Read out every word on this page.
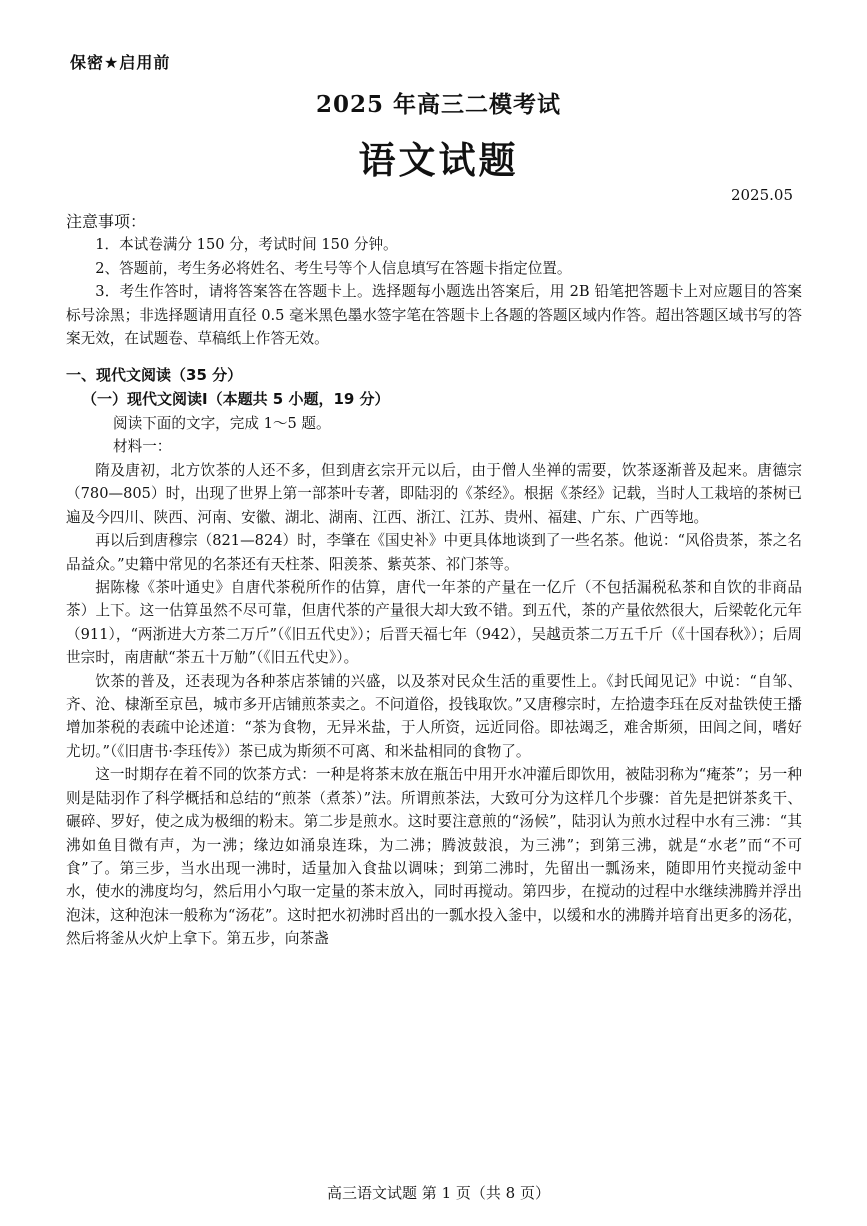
保密★启用前
2025 年高三二模考试
语文试题
2025.05
注意事项：

1．本试卷满分 150 分，考试时间 150 分钟。

2、答题前，考生务必将姓名、考生号等个人信息填写在答题卡指定位置。

3．考生作答时，请将答案答在答题卡上。选择题每小题选出答案后，用 2B 铅笔把答题卡上对应题目的答案标号涂黑；非选择题请用直径 0.5 毫米黑色墨水签字笔在答题卡上各题的答题区域内作答。超出答题区域书写的答案无效，在试题卷、草稿纸上作答无效。

一、现代文阅读（35 分）
（一）现代文阅读Ⅰ（本题共 5 小题，19 分）
阅读下面的文字，完成 1～5 题。
材料一：

隋及唐初，北方饮茶的人还不多，但到唐玄宗开元以后，由于僧人坐禅的需要，饮茶逐渐普及起来。唐德宗（780—805）时，出现了世界上第一部茶叶专著，即陆羽的《茶经》。根据《茶经》记载，当时人工栽培的茶树已遍及今四川、陕西、河南、安徽、湖北、湖南、江西、浙江、江苏、贵州、福建、广东、广西等地。

再以后到唐穆宗（821—824）时，李肇在《国史补》中更具体地谈到了一些名茶。他说：“风俗贵茶，茶之名品益众。”史籍中常见的名茶还有天柱茶、阳羡茶、紫英茶、祁门茶等。

据陈椽《茶叶通史》自唐代茶税所作的估算，唐代一年茶的产量在一亿斤（不包括漏税私茶和自饮的非商品茶）上下。这一估算虽然不尽可靠，但唐代茶的产量很大却大致不错。到五代，茶的产量依然很大，后梁乾化元年（911），“两浙进大方茶二万斤”（《旧五代史》）；后晋天福七年（942），吴越贡茶二万五千斤（《十国春秋》）；后周世宗时，南唐献“茶五十万觔”（《旧五代史》）。

饮茶的普及，还表现为各种茶店茶铺的兴盛，以及茶对民众生活的重要性上。《封氏闻见记》中说：“自邹、齐、沧、棣渐至京邑，城市多开店铺煎茶卖之。不问道俗，投钱取饮。”又唐穆宗时，左拾遗李珏在反对盐铁使王播增加茶税的表疏中论述道：“茶为食物，无异米盐，于人所资，远近同俗。即祛竭乏，难舍斯须，田闾之间，嗜好尤切。”（《旧唐书·李珏传》）茶已成为斯须不可离、和米盐相同的食物了。

这一时期存在着不同的饮茶方式：一种是将茶末放在瓶缶中用开水冲灌后即饮用，被陆羽称为“痷茶”；另一种则是陆羽作了科学概括和总结的“煎茶（煮茶）”法。所谓煎茶法，大致可分为这样几个步骤：首先是把饼茶炙干、碾碎、罗好，使之成为极细的粉末。第二步是煎水。这时要注意煎的“汤候”，陆羽认为煎水过程中水有三沸：“其沸如鱼目微有声，为一沸；缘边如涌泉连珠，为二沸；腾波鼓浪，为三沸”；到第三沸，就是“水老”而“不可食”了。第三步，当水出现一沸时，适量加入食盐以调味；到第二沸时，先留出一瓢汤来，随即用竹夹搅动釜中水，使水的沸度均匀，然后用小勺取一定量的茶末放入，同时再搅动。第四步，在搅动的过程中水继续沸腾并浮出泡沫，这种泡沫一般称为“汤花”。这时把水初沸时舀出的一瓢水投入釜中，以缓和水的沸腾并培育出更多的汤花，然后将釜从火炉上拿下。第五步，向茶盏

高三语文试题 第 1 页（共 8 页）
